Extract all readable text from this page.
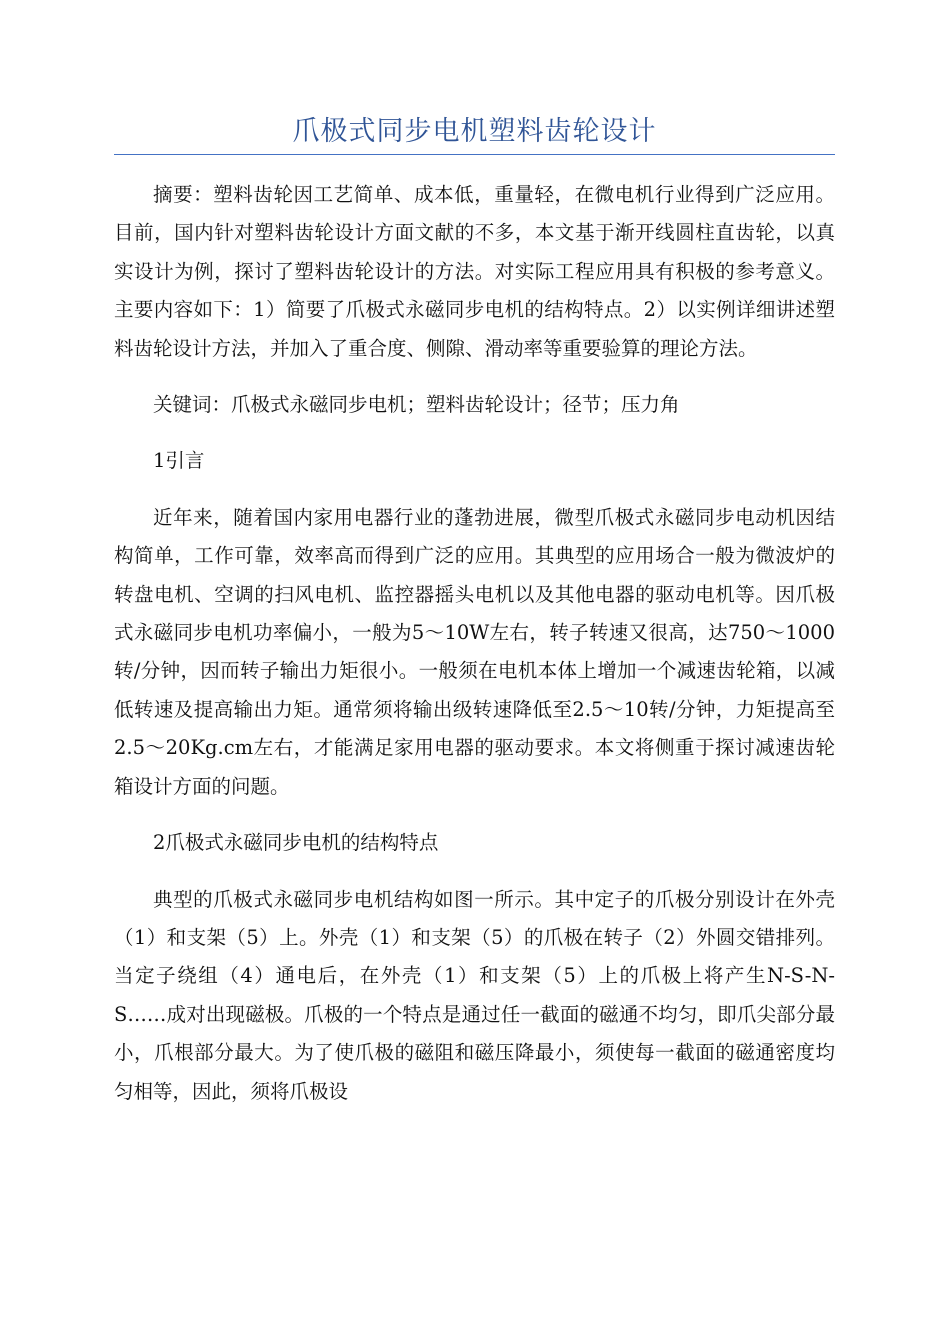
爪极式同步电机塑料齿轮设计

摘要：塑料齿轮因工艺简单、成本低，重量轻，在微电机行业得到广泛应用。目前，国内针对塑料齿轮设计方面文献的不多，本文基于渐开线圆柱直齿轮，以真实设计为例，探讨了塑料齿轮设计的方法。对实际工程应用具有积极的参考意义。主要内容如下：1）简要了爪极式永磁同步电机的结构特点。2）以实例详细讲述塑料齿轮设计方法，并加入了重合度、侧隙、滑动率等重要验算的理论方法。

关键词：爪极式永磁同步电机；塑料齿轮设计；径节；压力角

1引言

近年来，随着国内家用电器行业的蓬勃进展，微型爪极式永磁同步电动机因结构简单，工作可靠，效率高而得到广泛的应用。其典型的应用场合一般为微波炉的转盘电机、空调的扫风电机、监控器摇头电机以及其他电器的驱动电机等。因爪极式永磁同步电机功率偏小，一般为5～10W左右，转子转速又很高，达750～1000转/分钟，因而转子输出力矩很小。一般须在电机本体上增加一个减速齿轮箱，以减低转速及提高输出力矩。通常须将输出级转速降低至2.5～10转/分钟，力矩提高至2.5～20Kg.cm左右，才能满足家用电器的驱动要求。本文将侧重于探讨减速齿轮箱设计方面的问题。

2爪极式永磁同步电机的结构特点

典型的爪极式永磁同步电机结构如图一所示。其中定子的爪极分别设计在外壳（1）和支架（5）上。外壳（1）和支架（5）的爪极在转子（2）外圆交错排列。当定子绕组（4）通电后，在外壳（1）和支架（5）上的爪极上将产生N-S-N-S……成对出现磁极。爪极的一个特点是通过任一截面的磁通不均匀，即爪尖部分最小，爪根部分最大。为了使爪极的磁阻和磁压降最小，须使每一截面的磁通密度均匀相等，因此，须将爪极设
